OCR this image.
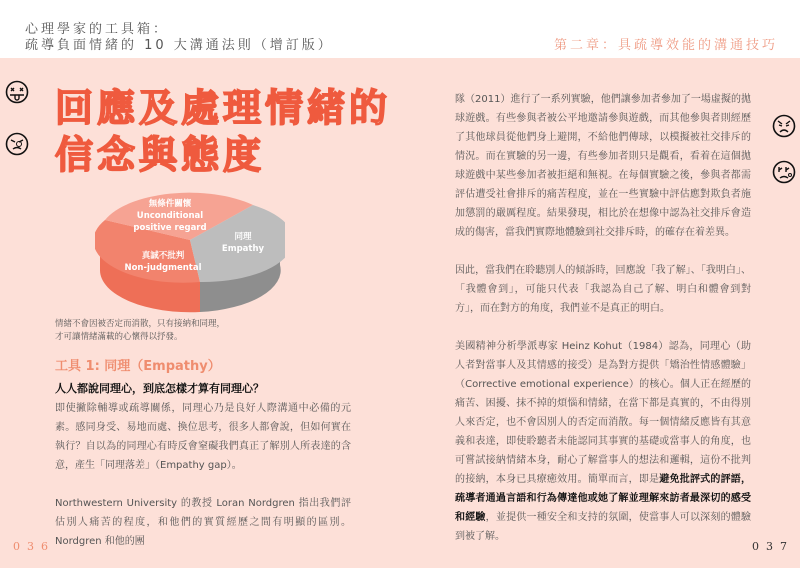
心理學家的工具箱：
疏導負面情緒的 10 大溝通法則（增訂版）	第二章：具疏導效能的溝通技巧
回應及處理情緒的
信念與態度
無條件關懷
Unconditional
positive regard
同理
Empathy
真誠不批判
Non-judgmental
情緒不會因被否定而消散，只有接納和同理，
才可讓情緒滿載的心懷得以抒發。
工具 1: 同理（Empathy）
人人都說同理心，到底怎樣才算有同理心？
即使撇除輔導或疏導關係，同理心乃是良好人際溝通中必備的元素。感同身受、易地而處、換位思考，很多人都會說，但如何實在執行？自以為的同理心有時反會窒礙我們真正了解別人所表達的含意，產生「同理落差」（Empathy gap）。
Northwestern University 的教授 Loran Nordgren 指出我們評估別人痛苦的程度，和他們的實質經歷之間有明顯的區別。Nordgren 和他的團
隊（2011）進行了一系列實驗，他們讓參加者參加了一場虛擬的拋球遊戲。有些參與者被公平地邀請參與遊戲，而其他參與者則經歷了其他球員從他們身上避開，不給他們傳球，以模擬被社交排斥的情況。而在實驗的另一邊，有些參加者則只是觀看，看着在這個拋球遊戲中某些參加者被拒絕和無視。在每個實驗之後，參與者都需評估遭受社會排斥的痛苦程度，並在一些實驗中評估應對欺負者施加懲罰的嚴厲程度。結果發現，相比於在想像中認為社交排斥會造成的傷害，當我們實際地體驗到社交排斥時，的確存在着差異。
因此，當我們在聆聽別人的傾訴時，回應說「我了解」、「我明白」、「我體會到」，可能只代表「我認為自己了解、明白和體會到對方」，而在對方的角度，我們並不是真正的明白。
美國精神分析學派專家 Heinz Kohut（1984）認為，同理心（助人者對當事人及其情感的接受）是為對方提供「矯治性情感體驗」（Corrective emotional experience）的核心。個人正在經歷的痛苦、困擾、抹不掉的煩惱和情緒，在當下都是真實的，不由得別人來否定，也不會因別人的否定而消散。每一個情緒反應皆有其意義和表達，即使聆聽者未能認同其事實的基礎或當事人的角度，也可嘗試接納情緒本身，耐心了解當事人的想法和邏輯，這份不批判的接納，本身已具療癒效用。簡單而言，即是避免批評式的評語，疏導者通過言語和行為傳達他或她了解並理解來訪者最深切的感受和經驗，並提供一種安全和支持的氛圍，使當事人可以深刻的體驗到被了解。
036	037
